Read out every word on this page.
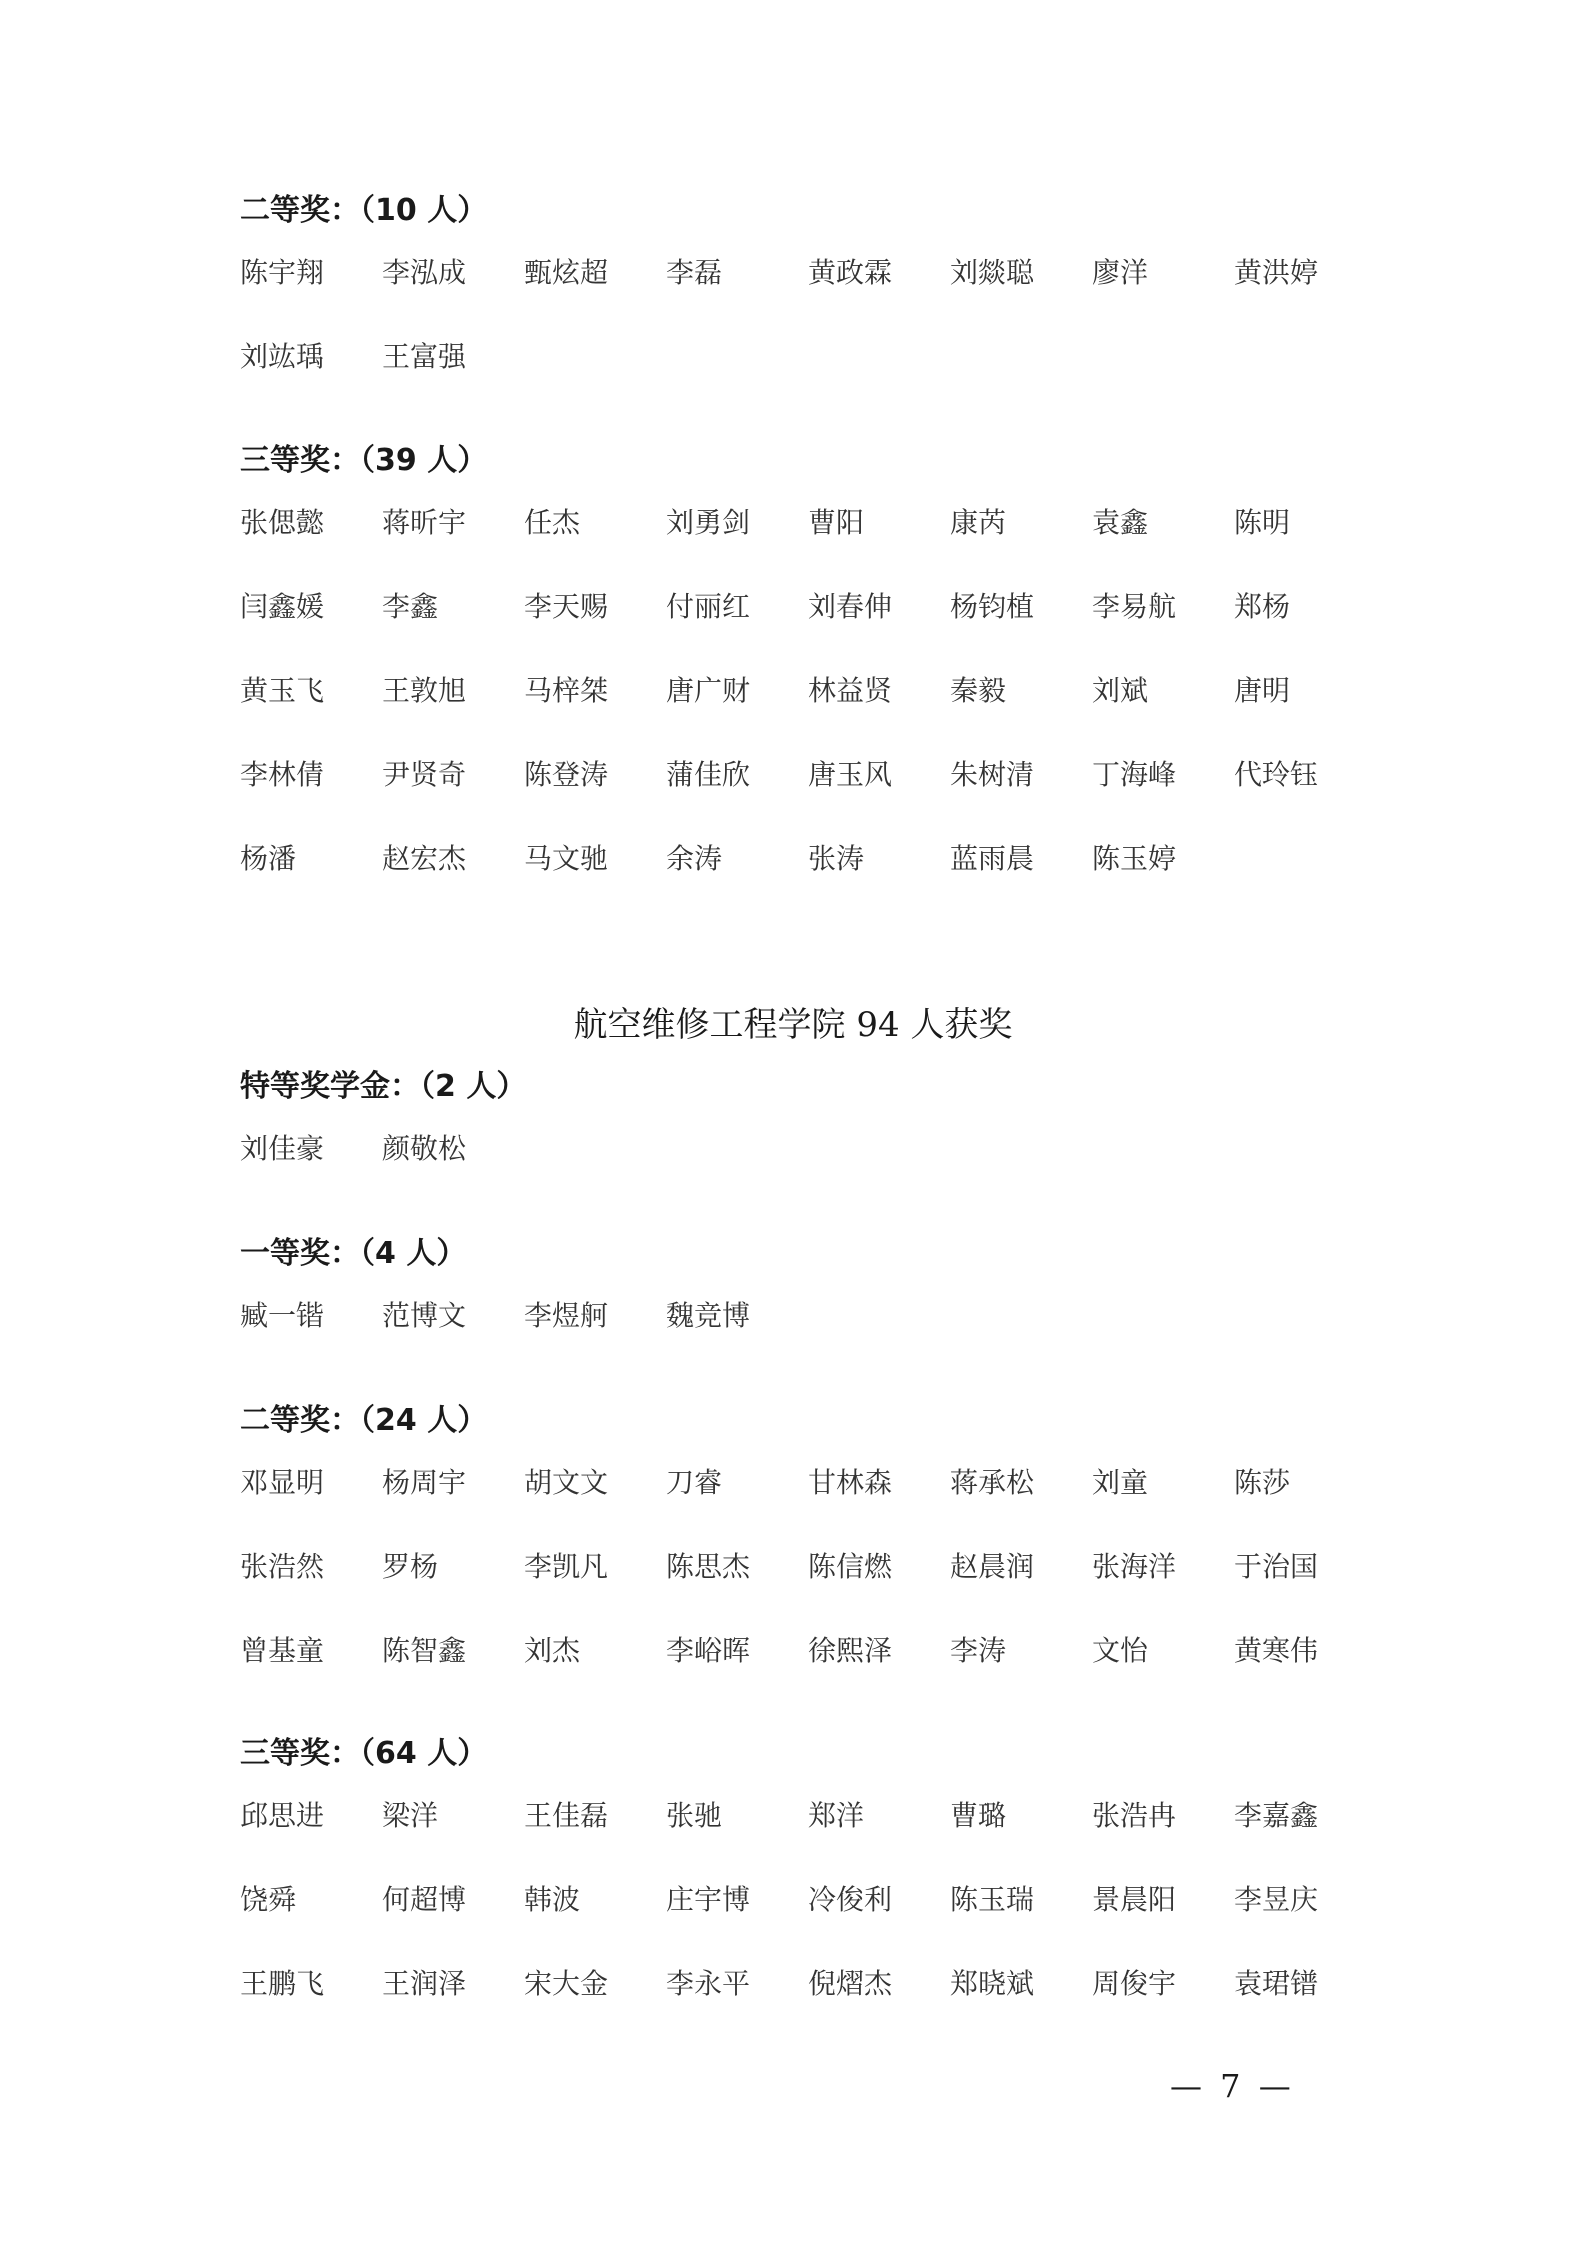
二等奖：（10 人）
陈宇翔	李泓成	甄炫超	李磊	黄政霖	刘燚聪	廖洋	黄洪婷
刘竑瑀	王富强
三等奖：（39 人）
张偲懿	蒋昕宇	任杰	刘勇剑	曹阳	康芮	袁鑫	陈明
闫鑫媛	李鑫	李天赐	付丽红	刘春伸	杨钧植	李易航	郑杨
黄玉飞	王敦旭	马梓桀	唐广财	林益贤	秦毅	刘斌	唐明
李林倩	尹贤奇	陈登涛	蒲佳欣	唐玉风	朱树清	丁海峰	代玲钰
杨潘	赵宏杰	马文驰	余涛	张涛	蓝雨晨	陈玉婷
航空维修工程学院 94 人获奖
特等奖学金：（2 人）
刘佳豪	颜敬松
一等奖：（4 人）
臧一锴	范博文	李煜舸	魏竞博
二等奖：（24 人）
邓显明	杨周宇	胡文文	刀睿	甘林森	蒋承松	刘童	陈莎
张浩然	罗杨	李凯凡	陈思杰	陈信燃	赵晨润	张海洋	于治国
曾基童	陈智鑫	刘杰	李峪晖	徐熙泽	李涛	文怡	黄寒伟
三等奖：（64 人）
邱思进	梁洋	王佳磊	张驰	郑洋	曹璐	张浩冉	李嘉鑫
饶舜	何超博	韩波	庄宇博	冷俊利	陈玉瑞	景晨阳	李昱庆
王鹏飞	王润泽	宋大金	李永平	倪熠杰	郑晓斌	周俊宇	袁珺镨
— 7 —
